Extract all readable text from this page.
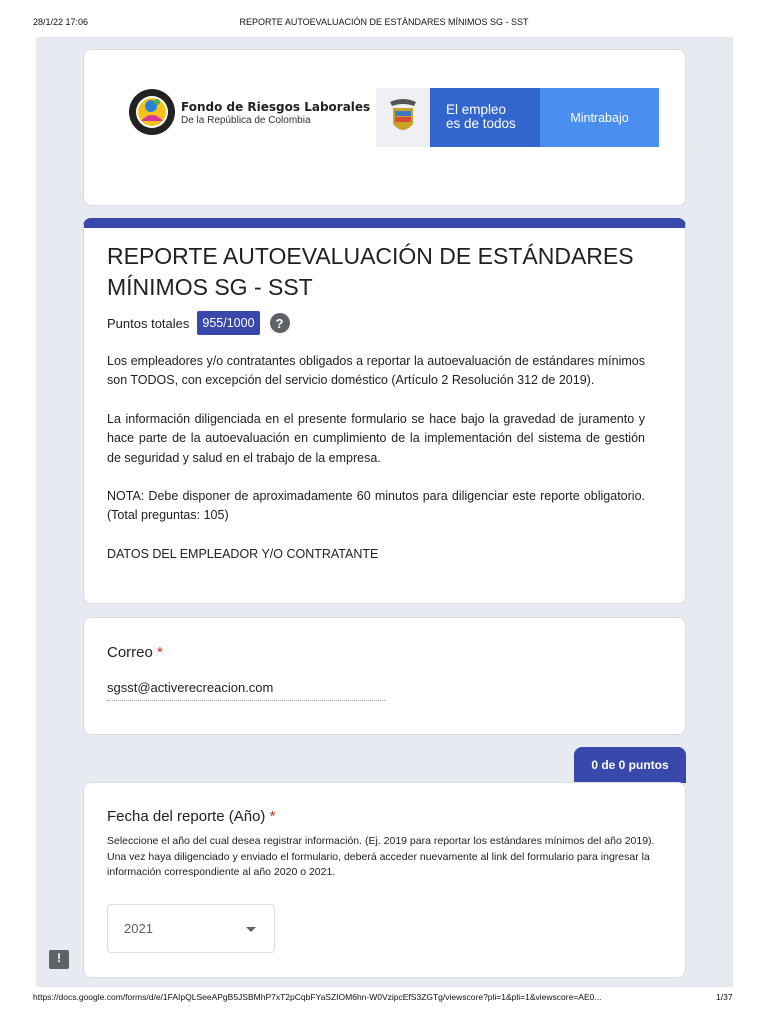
28/1/22 17:06	REPORTE AUTOEVALUACIÓN DE ESTÁNDARES MÍNIMOS SG - SST
Fondo de Riesgos Laborales
De la República de Colombia
El empleo
es de todos	Mintrabajo
REPORTE AUTOEVALUACIÓN DE ESTÁNDARES MÍNIMOS SG - SST
Puntos totales	955/1000	?

Los empleadores y/o contratantes obligados a reportar la autoevaluación de estándares mínimos son TODOS, con excepción del servicio doméstico (Artículo 2 Resolución 312 de 2019).

La información diligenciada en el presente formulario se hace bajo la gravedad de juramento y hace parte de la autoevaluación en cumplimiento de la implementación del sistema de gestión de seguridad y salud en el trabajo de la empresa.

NOTA: Debe disponer de aproximadamente 60 minutos para diligenciar este reporte obligatorio. (Total preguntas: 105)

DATOS DEL EMPLEADOR Y/O CONTRATANTE

Correo *
sgsst@activerecreacion.com
0 de 0 puntos
Fecha del reporte (Año) *
Seleccione el año del cual desea registrar información. (Ej. 2019 para reportar los estándares mínimos del año 2019). Una vez haya diligenciado y enviado el formulario, deberá acceder nuevamente al link del formulario para ingresar la información correspondiente al año 2020 o 2021.
2021
!
https://docs.google.com/forms/d/e/1FAIpQLSeeAPgB5JSBMhP7xT2pCqbFYaSZIOM6hn-W0VzipcEfS3ZGTg/viewscore?pli=1&pli=1&viewscore=AE0...	1/37
